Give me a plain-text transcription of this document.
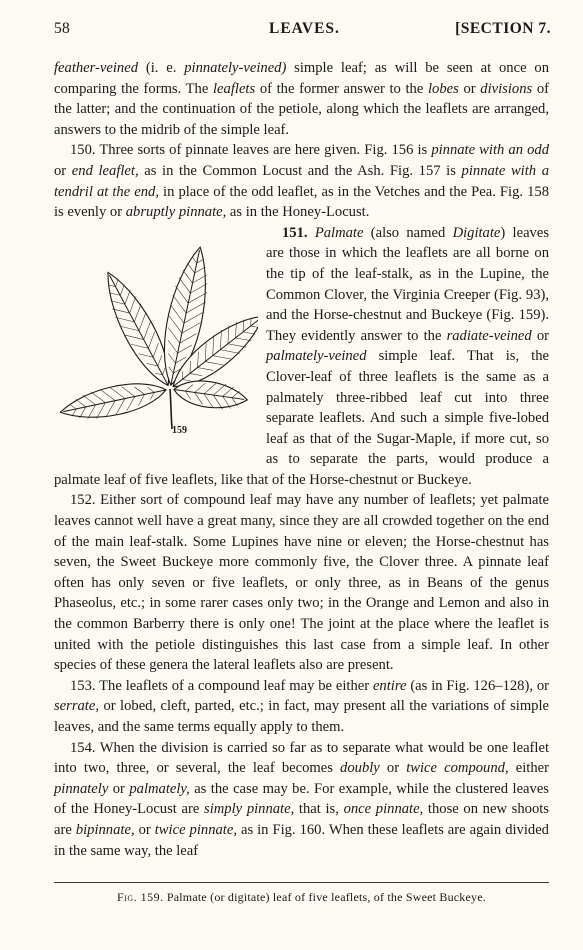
58	LEAVES.	[SECTION 7.

feather-veined (i. e. pinnately-veined) simple leaf; as will be seen at once on comparing the forms. The leaflets of the former answer to the lobes or divisions of the latter; and the continuation of the petiole, along which the leaflets are arranged, answers to the midrib of the simple leaf.

150. Three sorts of pinnate leaves are here given. Fig. 156 is pinnate with an odd or end leaflet, as in the Common Locust and the Ash. Fig. 157 is pinnate with a tendril at the end, in place of the odd leaflet, as in the Vetches and the Pea. Fig. 158 is evenly or abruptly pinnate, as in the Honey-Locust.

159
151. Palmate (also named Digitate) leaves are those in which the leaflets are all borne on the tip of the leaf-stalk, as in the Lupine, the Common Clover, the Virginia Creeper (Fig. 93), and the Horse-chestnut and Buckeye (Fig. 159). They evidently answer to the radiate-veined or palmately-veined simple leaf. That is, the Clover-leaf of three leaflets is the same as a palmately three-ribbed leaf cut into three separate leaflets. And such a simple five-lobed leaf as that of the Sugar-Maple, if more cut, so as to separate the parts, would produce a palmate leaf of five leaflets, like that of the Horse-chestnut or Buckeye.

152. Either sort of compound leaf may have any number of leaflets; yet palmate leaves cannot well have a great many, since they are all crowded together on the end of the main leaf-stalk. Some Lupines have nine or eleven; the Horse-chestnut has seven, the Sweet Buckeye more commonly five, the Clover three. A pinnate leaf often has only seven or five leaflets, or only three, as in Beans of the genus Phaseolus, etc.; in some rarer cases only two; in the Orange and Lemon and also in the common Barberry there is only one! The joint at the place where the leaflet is united with the petiole distinguishes this last case from a simple leaf. In other species of these genera the lateral leaflets also are present.

153. The leaflets of a compound leaf may be either entire (as in Fig. 126–128), or serrate, or lobed, cleft, parted, etc.; in fact, may present all the variations of simple leaves, and the same terms equally apply to them.

154. When the division is carried so far as to separate what would be one leaflet into two, three, or several, the leaf becomes doubly or twice compound, either pinnately or palmately, as the case may be. For example, while the clustered leaves of the Honey-Locust are simply pinnate, that is, once pinnate, those on new shoots are bipinnate, or twice pinnate, as in Fig. 160. When these leaflets are again divided in the same way, the leaf

Fig. 159. Palmate (or digitate) leaf of five leaflets, of the Sweet Buckeye.
